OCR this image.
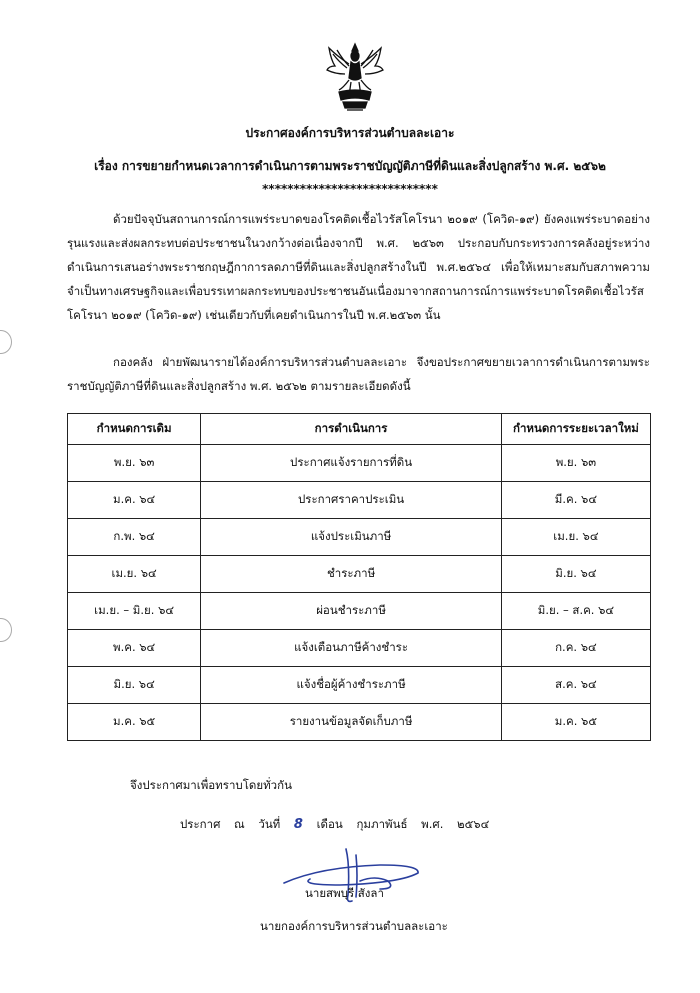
ประกาศองค์การบริหารส่วนตำบลละเอาะ
เรื่อง การขยายกำหนดเวลาการดำเนินการตามพระราชบัญญัติภาษีที่ดินและสิ่งปลูกสร้าง พ.ศ. ๒๕๖๒
****************************
ด้วยปัจจุบันสถานการณ์การแพร่ระบาดของโรคติดเชื้อไวรัสโคโรนา ๒๐๑๙ (โควิด-๑๙) ยังคงแพร่ระบาดอย่างรุนแรงและส่งผลกระทบต่อประชาชนในวงกว้างต่อเนื่องจากปี พ.ศ. ๒๕๖๓ ประกอบกับกระทรวงการคลังอยู่ระหว่างดำเนินการเสนอร่างพระราชกฤษฎีกาการลดภาษีที่ดินและสิ่งปลูกสร้างในปี พ.ศ.๒๕๖๔ เพื่อให้เหมาะสมกับสภาพความจำเป็นทางเศรษฐกิจและเพื่อบรรเทาผลกระทบของประชาชนอันเนื่องมาจากสถานการณ์การแพร่ระบาดโรคติดเชื้อไวรัสโคโรนา ๒๐๑๙ (โควิด-๑๙) เช่นเดียวกับที่เคยดำเนินการในปี พ.ศ.๒๕๖๓ นั้น
กองคลัง ฝ่ายพัฒนารายได้องค์การบริหารส่วนตำบลละเอาะ จึงขอประกาศขยายเวลาการดำเนินการตามพระราชบัญญัติภาษีที่ดินและสิ่งปลูกสร้าง พ.ศ. ๒๕๖๒ ตามรายละเอียดดังนี้
กำหนดการเดิม	การดำเนินการ	กำหนดการระยะเวลาใหม่
พ.ย. ๖๓	ประกาศแจ้งรายการที่ดิน	พ.ย. ๖๓
ม.ค. ๖๔	ประกาศราคาประเมิน	มี.ค. ๖๔
ก.พ. ๖๔	แจ้งประเมินภาษี	เม.ย. ๖๔
เม.ย. ๖๔	ชำระภาษี	มิ.ย. ๖๔
เม.ย. – มิ.ย. ๖๔	ผ่อนชำระภาษี	มิ.ย. – ส.ค. ๖๔
พ.ค. ๖๔	แจ้งเตือนภาษีค้างชำระ	ก.ค. ๖๔
มิ.ย. ๖๔	แจ้งชื่อผู้ค้างชำระภาษี	ส.ค. ๖๔
ม.ค. ๖๕	รายงานข้อมูลจัดเก็บภาษี	ม.ค. ๖๕
จึงประกาศมาเพื่อทราบโดยทั่วกัน
ประกาศ ณ วันที่ 8 เดือน กุมภาพันธ์ พ.ศ. ๒๕๖๔
นายสพบุรี สังลา
นายกองค์การบริหารส่วนตำบลละเอาะ
